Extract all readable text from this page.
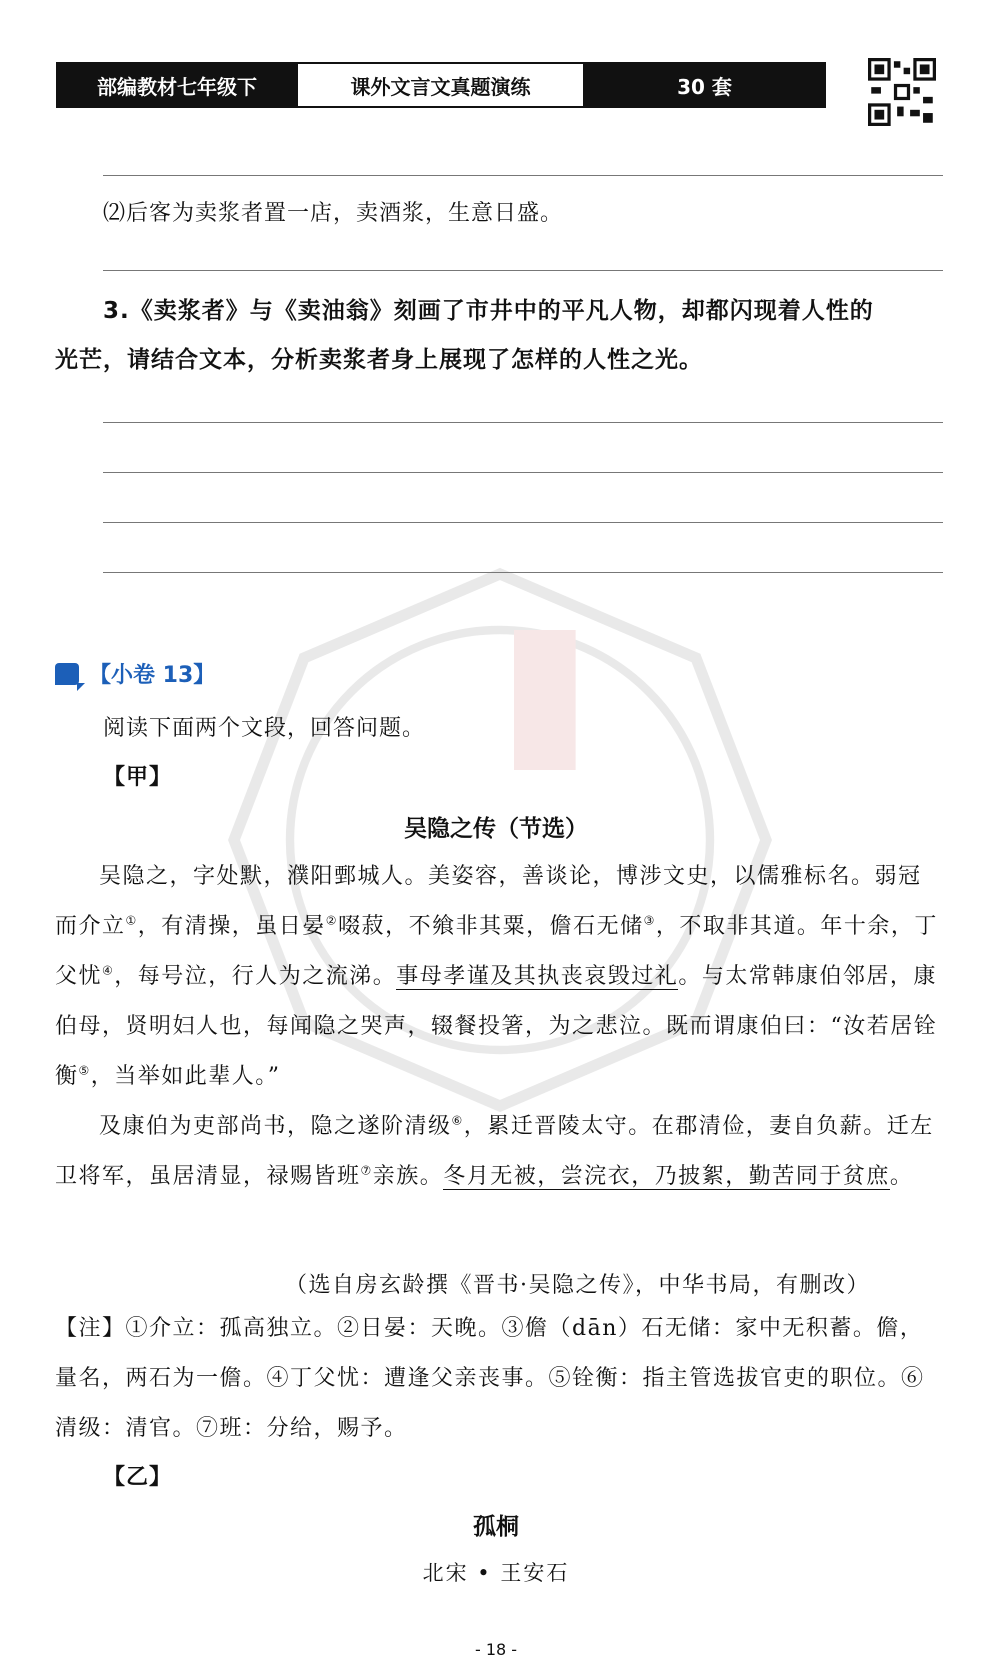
部编教材七年级下	课外文言文真题演练	30 套
⑵后客为卖浆者置一店，卖酒浆，生意日盛。
3.《卖浆者》与《卖油翁》刻画了市井中的平凡人物，却都闪现着人性的
光芒，请结合文本，分析卖浆者身上展现了怎样的人性之光。
【小卷 13】
阅读下面两个文段，回答问题。
【甲】
吴隐之传（节选）

吴隐之，字处默，濮阳鄄城人。美姿容，善谈论，博涉文史，以儒雅标名。弱冠而介立①，有清操，虽日晏②啜菽，不飨非其粟，儋石无储③，不取非其道。年十余，丁父忧④，每号泣，行人为之流涕。事母孝谨及其执丧哀毁过礼。与太常韩康伯邻居，康伯母，贤明妇人也，每闻隐之哭声，辍餐投箸，为之悲泣。既而谓康伯曰：“汝若居铨衡⑤，当举如此辈人。”

及康伯为吏部尚书，隐之遂阶清级⑥，累迁晋陵太守。在郡清俭，妻自负薪。迁左卫将军，虽居清显，禄赐皆班⑦亲族。冬月无被，尝浣衣，乃披絮，勤苦同于贫庶。

（选自房玄龄撰《晋书·吴隐之传》，中华书局，有删改）
【注】①介立：孤高独立。②日晏：天晚。③儋（dān）石无储：家中无积蓄。儋，量名，两石为一儋。④丁父忧：遭逢父亲丧事。⑤铨衡：指主管选拔官吏的职位。⑥清级：清官。⑦班：分给，赐予。
【乙】
孤桐
北宋 • 王安石
- 18 -
